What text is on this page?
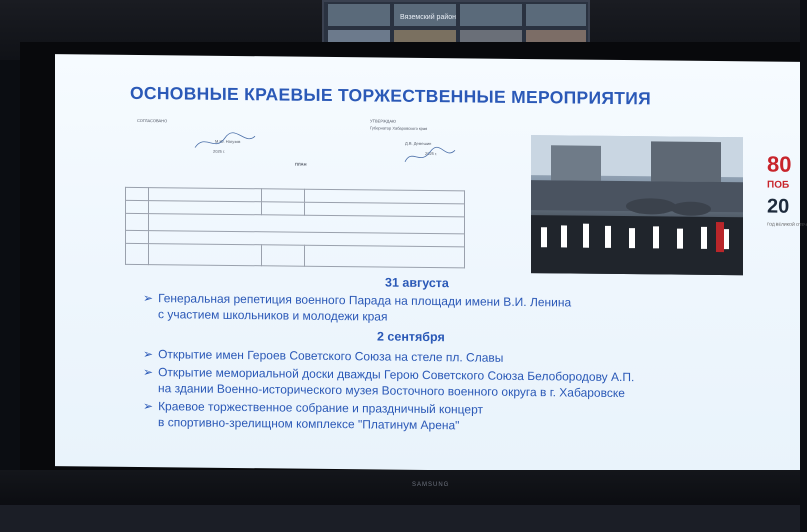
Вяземский район
ОСНОВНЫЕ КРАЕВЫЕ ТОРЖЕСТВЕННЫЕ МЕРОПРИЯТИЯ
СОГЛАСОВАНО	УТВЕРЖДАЮ
Губернатор Хабаровского края
М.Ю. Нагузов	Д.В. Демешин
2025 г.	2025 г.
ПЛАН

				80
ПОБ
20
ГОД ВЕЛИКОЙ ОТЕЧ
31 августа
➢ Генеральная репетиция военного Парада на площади имени В.И. Ленина
с участием школьников и молодежи края
2 сентября
➢ Открытие имен Героев Советского Союза на стеле пл. Славы
➢ Открытие мемориальной доски дважды Герою Советского Союза Белобородову А.П.
на здании Военно-исторического музея Восточного военного округа в г. Хабаровске
➢ Краевое торжественное собрание и праздничный концерт
в спортивно-зрелищном комплексе "Платинум Арена"
SAMSUNG
